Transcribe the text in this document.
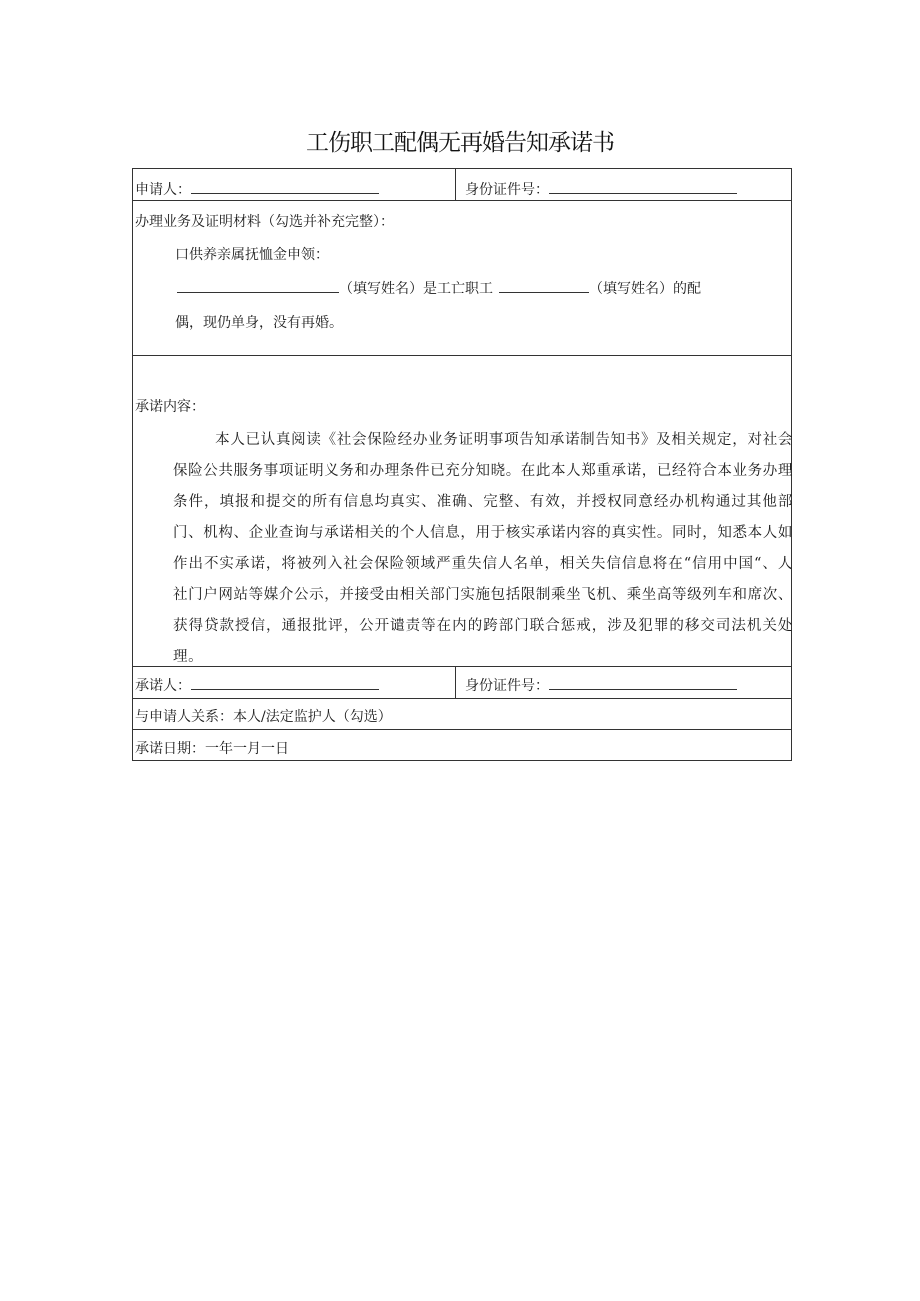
工伤职工配偶无再婚告知承诺书
申请人：	身份证件号：
办理业务及证明材料（勾选并补充完整）：
口供养亲属抚恤金申领：
（填写姓名）是工亡职工	（填写姓名）的配
偶，现仍单身，没有再婚。
承诺内容：

本人已认真阅读《社会保险经办业务证明事项告知承诺制告知书》及相关规定，对社会保险公共服务事项证明义务和办理条件已充分知晓。在此本人郑重承诺，已经符合本业务办理条件，填报和提交的所有信息均真实、准确、完整、有效，并授权同意经办机构通过其他部门、机构、企业查询与承诺相关的个人信息，用于核实承诺内容的真实性。同时，知悉本人如作出不实承诺，将被列入社会保险领域严重失信人名单，相关失信信息将在“信用中国“、人社门户网站等媒介公示，并接受由相关部门实施包括限制乘坐飞机、乘坐高等级列车和席次、获得贷款授信，通报批评，公开谴责等在内的跨部门联合惩戒，涉及犯罪的移交司法机关处理。

承诺人：	身份证件号：
与申请人关系：本人/法定监护人（勾选）
承诺日期：一年一月一日
